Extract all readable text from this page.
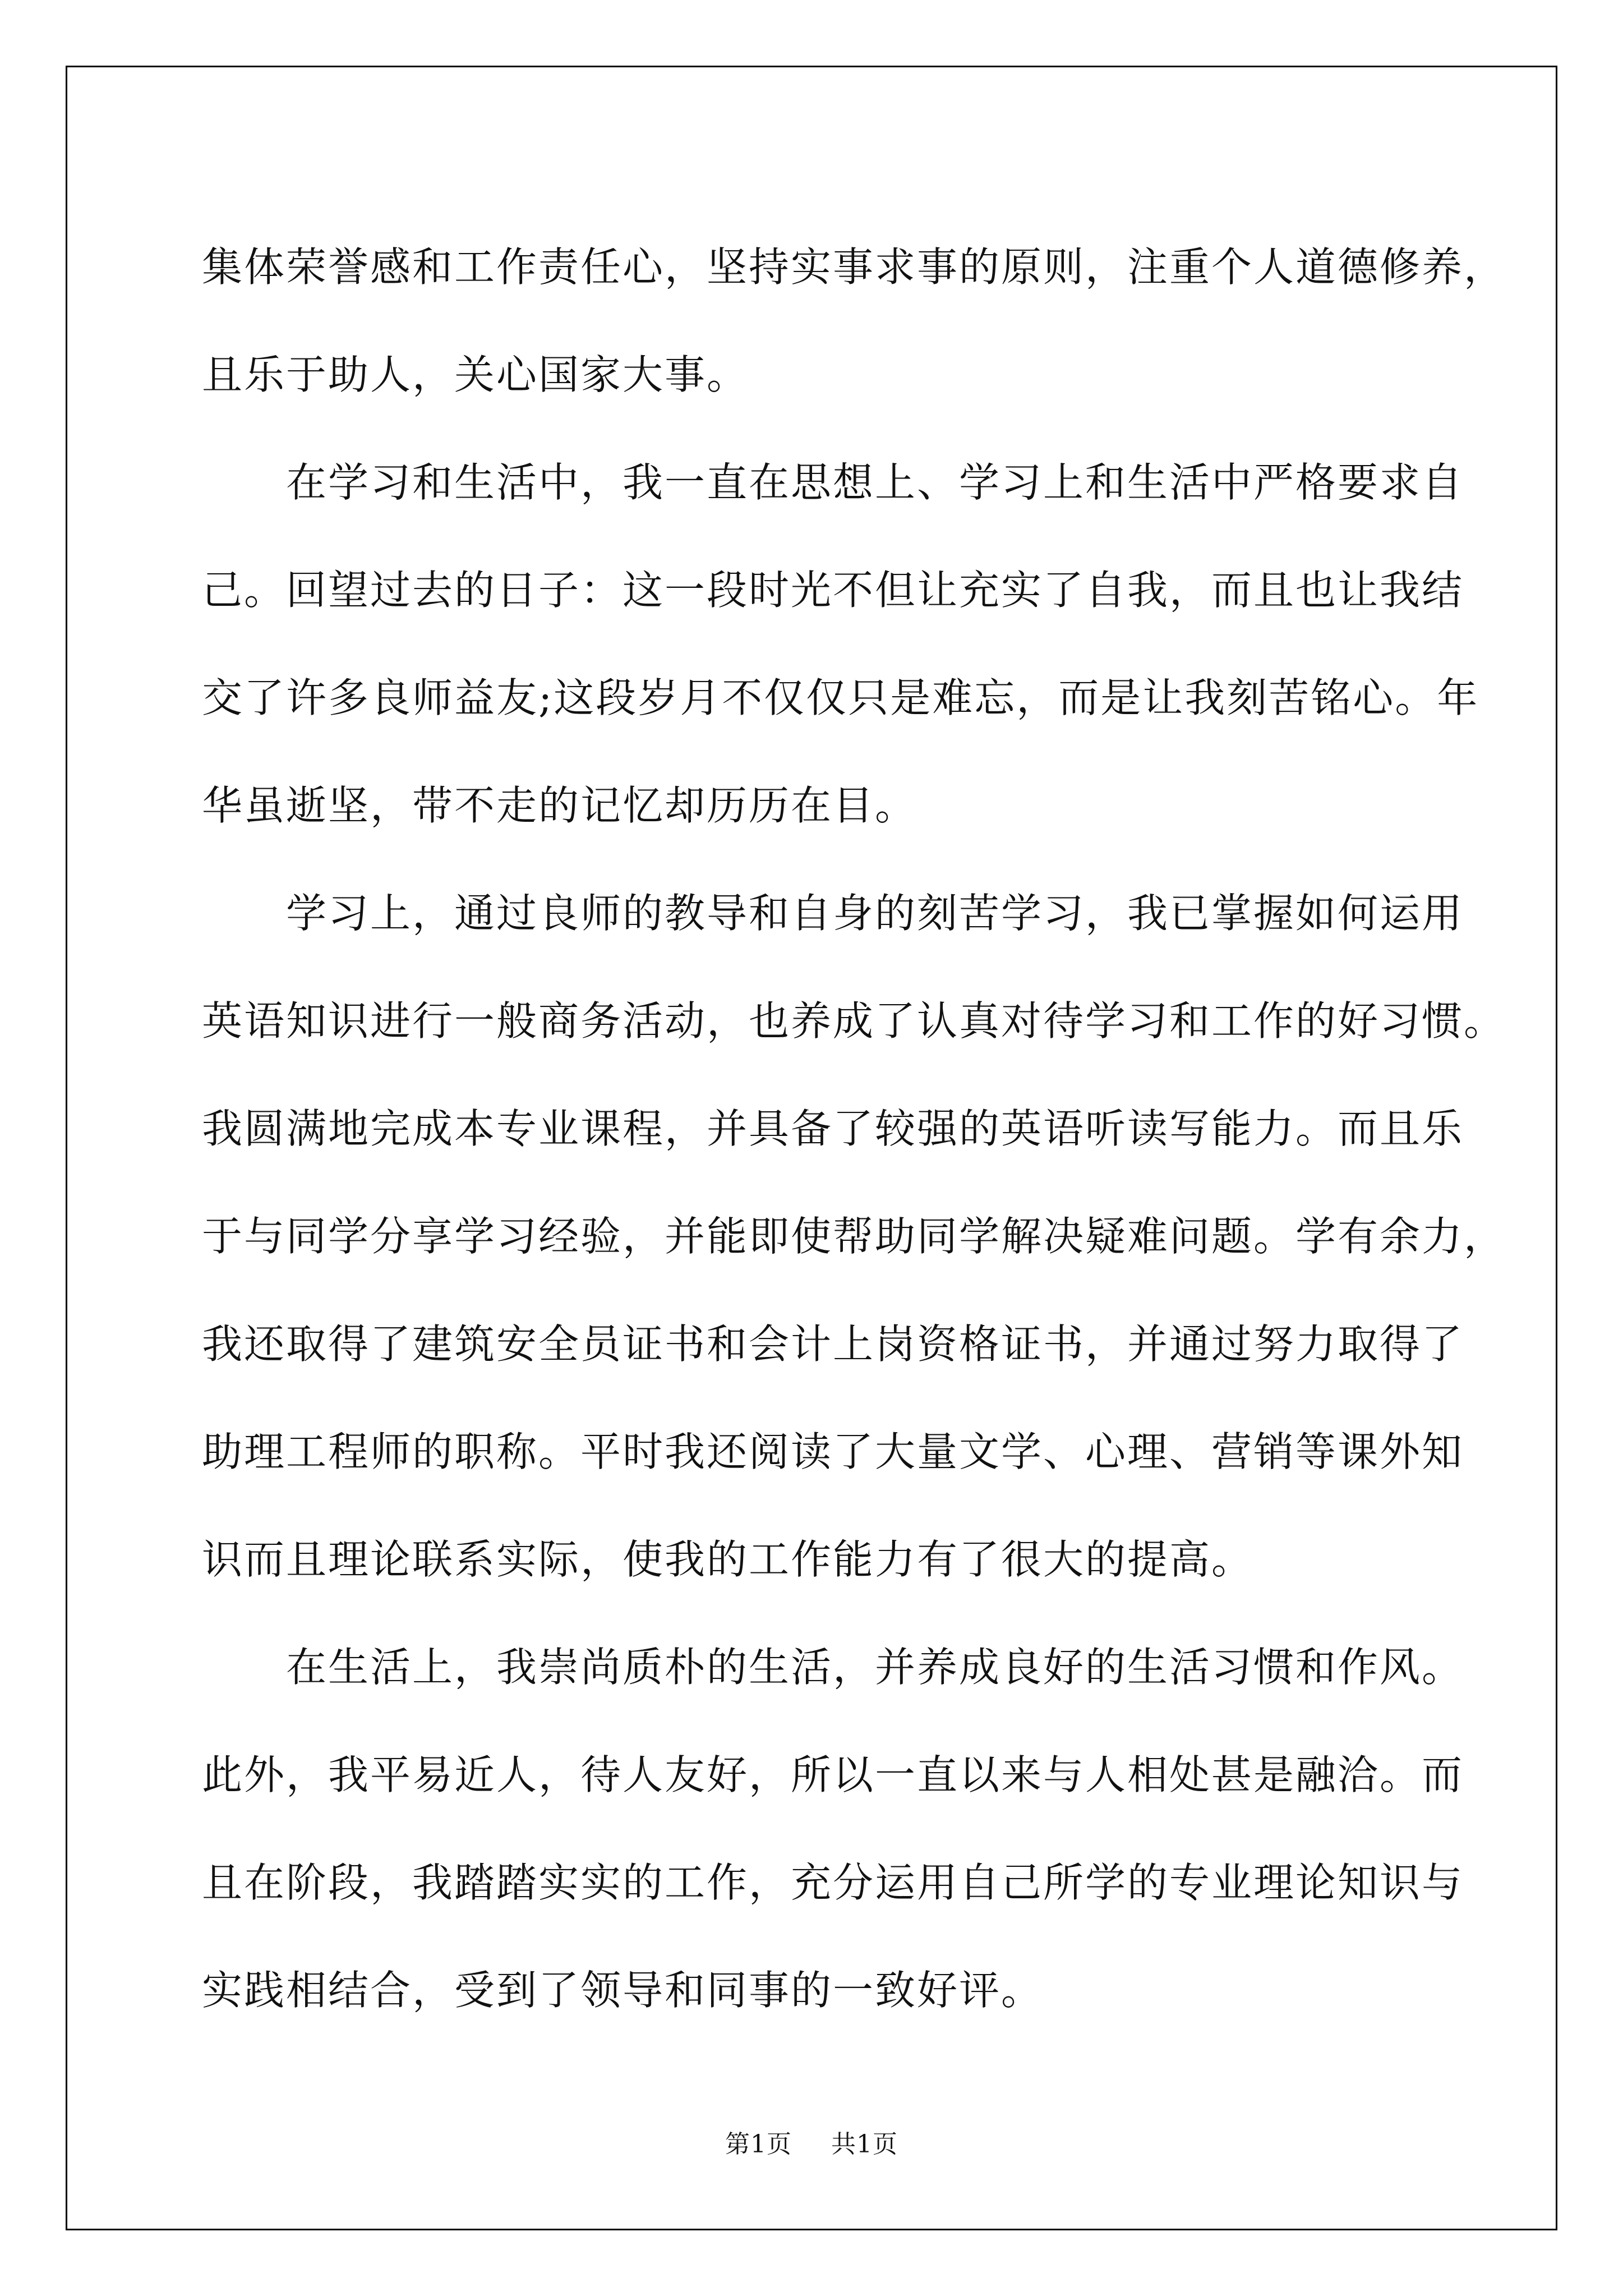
集体荣誉感和工作责任心，坚持实事求事的原则，注重个人道德修养，
且乐于助人，关心国家大事。
在学习和生活中，我一直在思想上、学习上和生活中严格要求自
己。回望过去的日子：这一段时光不但让充实了自我，而且也让我结
交了许多良师益友;这段岁月不仅仅只是难忘，而是让我刻苦铭心。年
华虽逝坚，带不走的记忆却历历在目。
学习上，通过良师的教导和自身的刻苦学习，我已掌握如何运用
英语知识进行一般商务活动，也养成了认真对待学习和工作的好习惯。
我圆满地完成本专业课程，并具备了较强的英语听读写能力。而且乐
于与同学分享学习经验，并能即使帮助同学解决疑难问题。学有余力，
我还取得了建筑安全员证书和会计上岗资格证书，并通过努力取得了
助理工程师的职称。平时我还阅读了大量文学、心理、营销等课外知
识而且理论联系实际，使我的工作能力有了很大的提高。
在生活上，我崇尚质朴的生活，并养成良好的生活习惯和作风。
此外，我平易近人，待人友好，所以一直以来与人相处甚是融洽。而
且在阶段，我踏踏实实的工作，充分运用自己所学的专业理论知识与
实践相结合，受到了领导和同事的一致好评。
第1页 共1页
